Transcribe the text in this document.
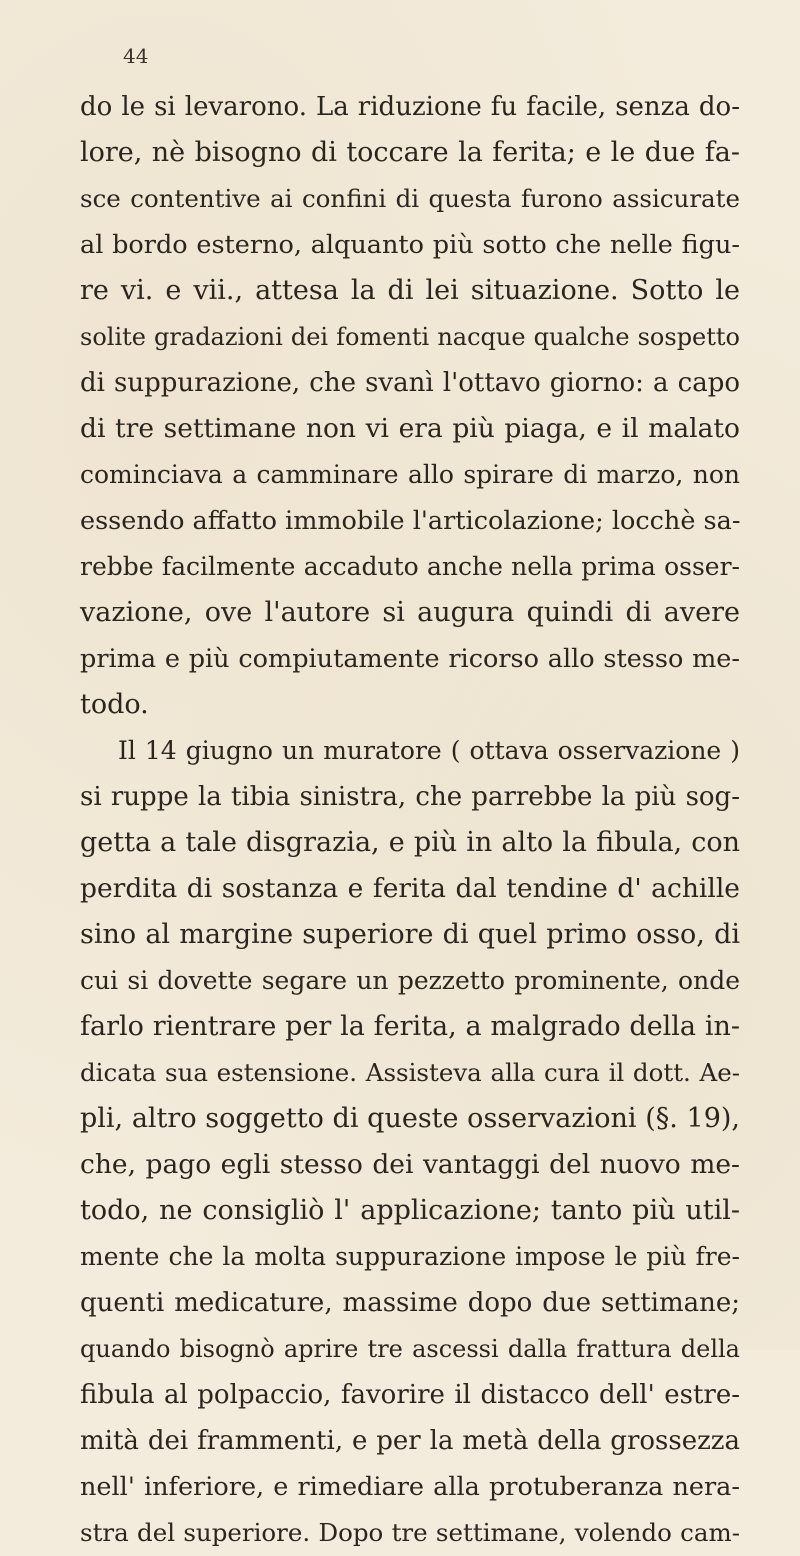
44
do le si levarono. La riduzione fu facile, senza do-
lore, nè bisogno di toccare la ferita; e le due fa-
sce contentive ai confini di questa furono assicurate
al bordo esterno, alquanto più sotto che nelle figu-
re vi. e vii., attesa la di lei situazione. Sotto le
solite gradazioni dei fomenti nacque qualche sospetto
di suppurazione, che svanì l'ottavo giorno: a capo
di tre settimane non vi era più piaga, e il malato
cominciava a camminare allo spirare di marzo, non
essendo affatto immobile l'articolazione; locchè sa-
rebbe facilmente accaduto anche nella prima osser-
vazione, ove l'autore si augura quindi di avere
prima e più compiutamente ricorso allo stesso me-
todo.
Il 14 giugno un muratore ( ottava osservazione )
si ruppe la tibia sinistra, che parrebbe la più sog-
getta a tale disgrazia, e più in alto la fibula, con
perdita di sostanza e ferita dal tendine d' achille
sino al margine superiore di quel primo osso, di
cui si dovette segare un pezzetto prominente, onde
farlo rientrare per la ferita, a malgrado della in-
dicata sua estensione. Assisteva alla cura il dott. Ae-
pli, altro soggetto di queste osservazioni (§. 19),
che, pago egli stesso dei vantaggi del nuovo me-
todo, ne consigliò l' applicazione; tanto più util-
mente che la molta suppurazione impose le più fre-
quenti medicature, massime dopo due settimane;
quando bisognò aprire tre ascessi dalla frattura della
fibula al polpaccio, favorire il distacco dell' estre-
mità dei frammenti, e per la metà della grossezza
nell' inferiore, e rimediare alla protuberanza nera-
stra del superiore. Dopo tre settimane, volendo cam-
